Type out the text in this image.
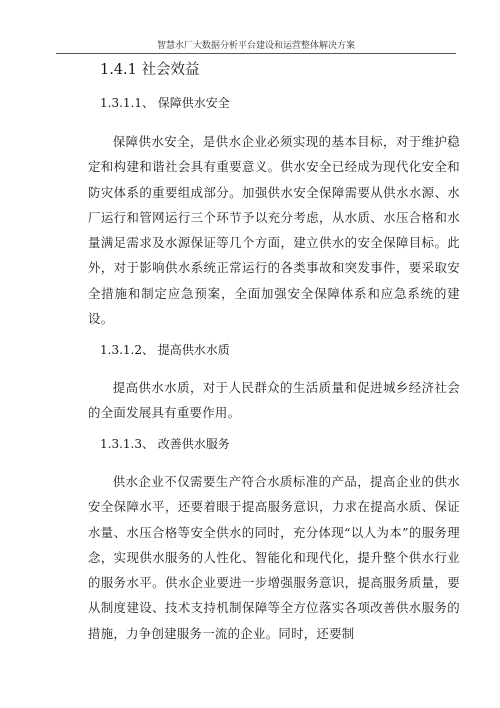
智慧水厂大数据分析平台建设和运营整体解决方案
1.4.1 社会效益
1.3.1.1、 保障供水安全

保障供水安全，是供水企业必须实现的基本目标，对于维护稳定和构建和谐社会具有重要意义。供水安全已经成为现代化安全和防灾体系的重要组成部分。加强供水安全保障需要从供水水源、水厂运行和管网运行三个环节予以充分考虑，从水质、水压合格和水量满足需求及水源保证等几个方面，建立供水的安全保障目标。此外，对于影响供水系统正常运行的各类事故和突发事件，要采取安全措施和制定应急预案，全面加强安全保障体系和应急系统的建设。

1.3.1.2、 提高供水水质

提高供水水质，对于人民群众的生活质量和促进城乡经济社会的全面发展具有重要作用。

1.3.1.3、 改善供水服务

供水企业不仅需要生产符合水质标准的产品，提高企业的供水安全保障水平，还要着眼于提高服务意识，力求在提高水质、保证水量、水压合格等安全供水的同时，充分体现“以人为本”的服务理念，实现供水服务的人性化、智能化和现代化，提升整个供水行业的服务水平。供水企业要进一步增强服务意识，提高服务质量，要从制度建设、技术支持机制保障等全方位落实各项改善供水服务的措施，力争创建服务一流的企业。同时，还要制
